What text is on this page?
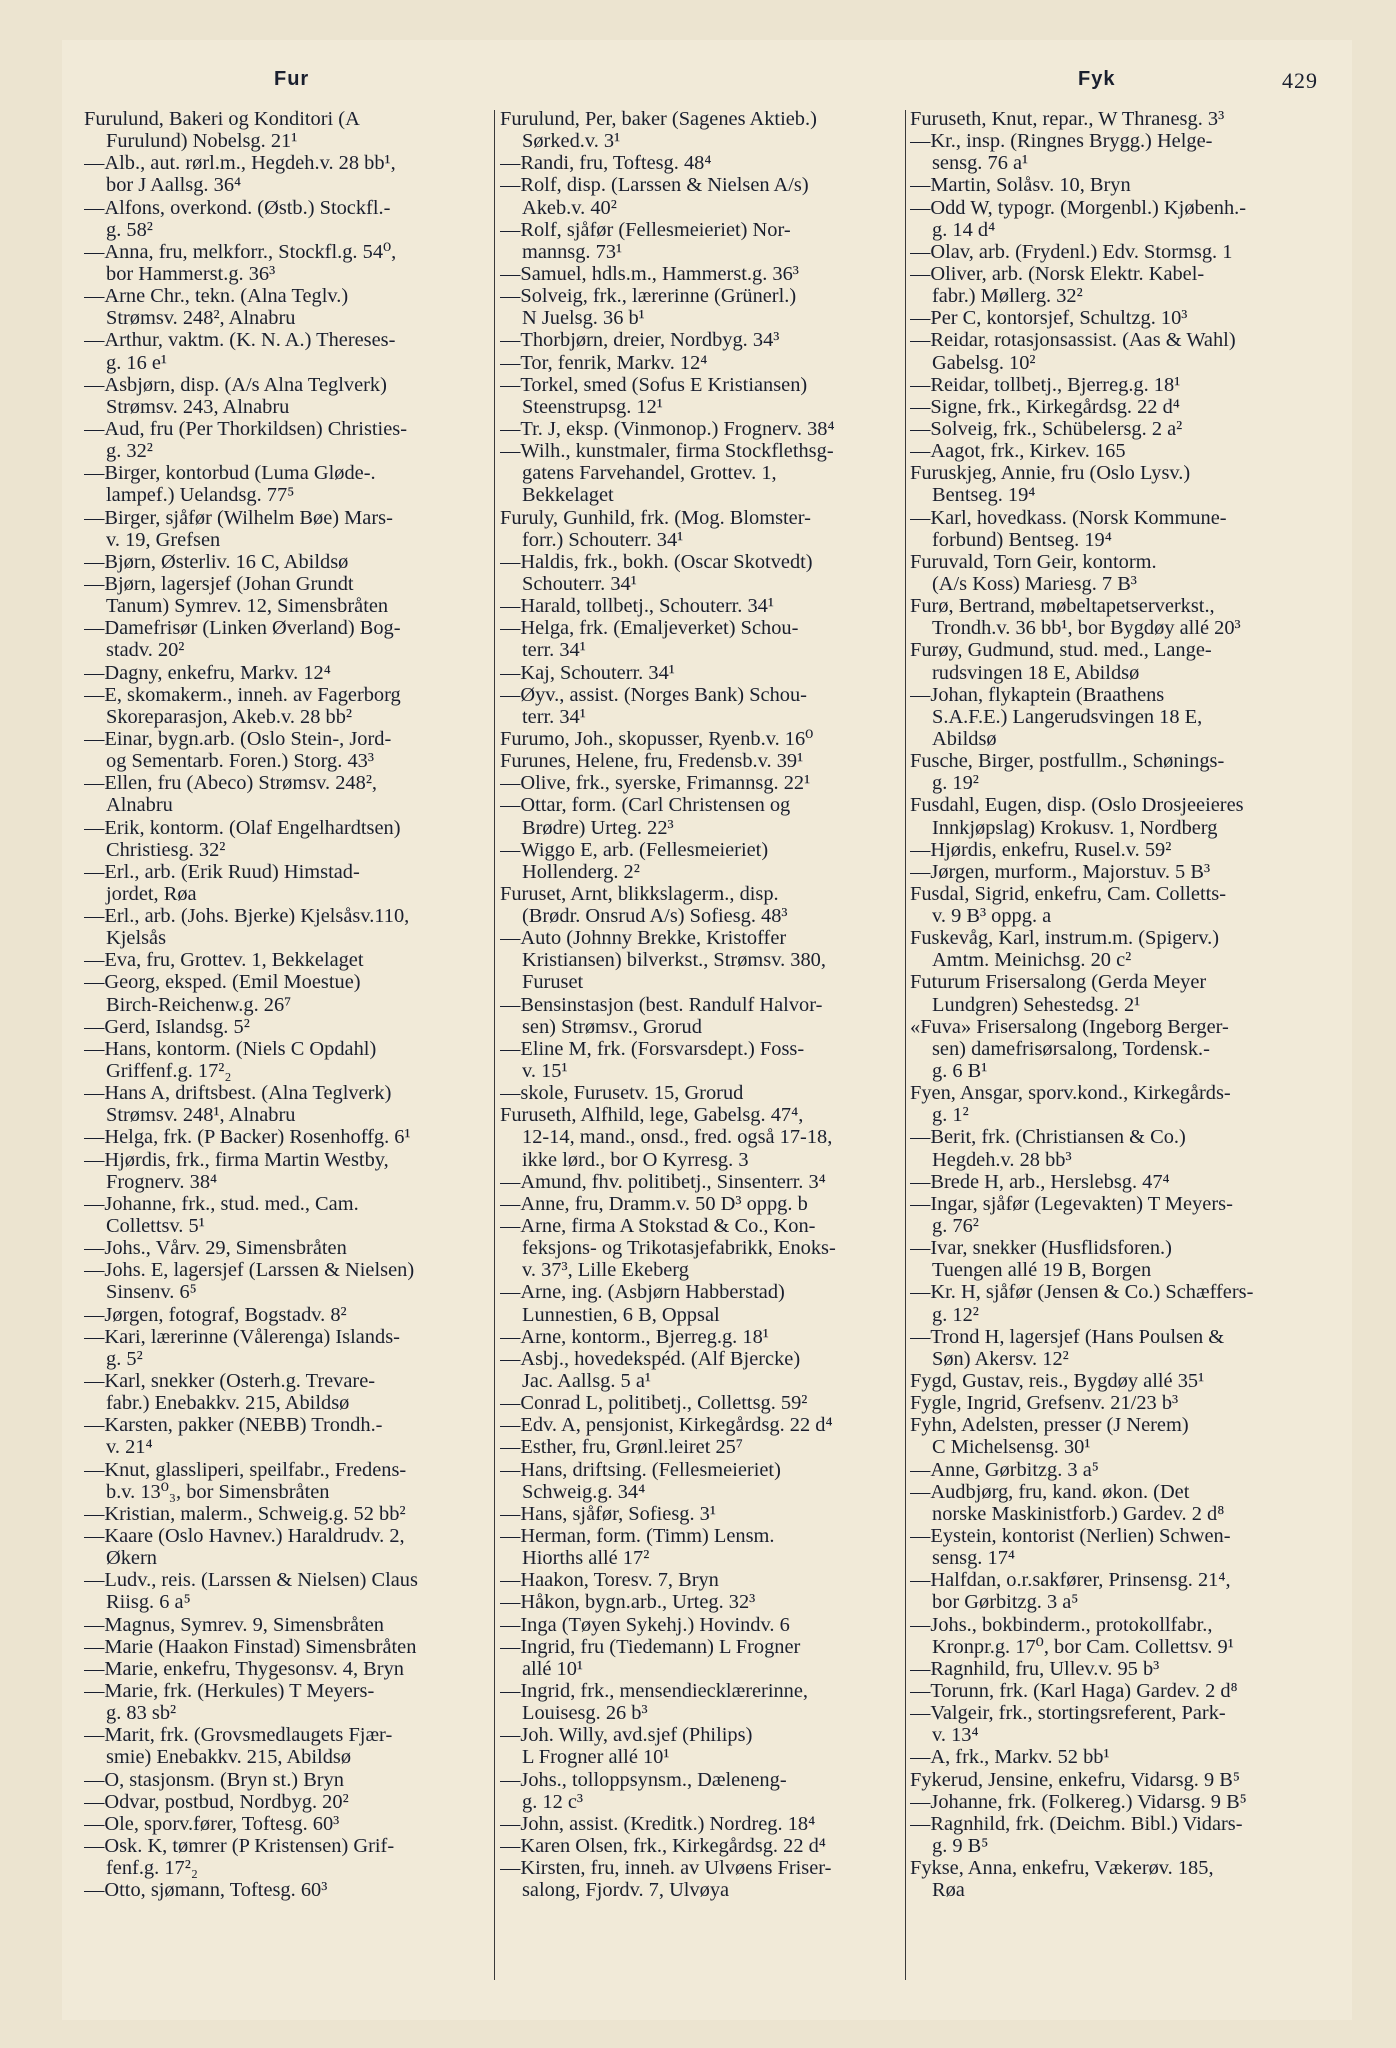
Fur	Fyk	429
Furulund, Bakeri og Konditori (A
Furulund) Nobelsg. 21¹
—Alb., aut. rørl.m., Hegdeh.v. 28 bb¹,
bor J Aallsg. 36⁴
—Alfons, overkond. (Østb.) Stockfl.-
g. 58²
—Anna, fru, melkforr., Stockfl.g. 54⁰,
bor Hammerst.g. 36³
—Arne Chr., tekn. (Alna Teglv.)
Strømsv. 248², Alnabru
—Arthur, vaktm. (K. N. A.) Thereses-
g. 16 e¹
—Asbjørn, disp. (A/s Alna Teglverk)
Strømsv. 243, Alnabru
—Aud, fru (Per Thorkildsen) Christies-
g. 32²
—Birger, kontorbud (Luma Gløde-.
lampef.) Uelandsg. 77⁵
—Birger, sjåfør (Wilhelm Bøe) Mars-
v. 19, Grefsen
—Bjørn, Østerliv. 16 C, Abildsø
—Bjørn, lagersjef (Johan Grundt
Tanum) Symrev. 12, Simensbråten
—Damefrisør (Linken Øverland) Bog-
stadv. 20²
—Dagny, enkefru, Markv. 12⁴
—E, skomakerm., inneh. av Fagerborg
Skoreparasjon, Akeb.v. 28 bb²
—Einar, bygn.arb. (Oslo Stein-, Jord-
og Sementarb. Foren.) Storg. 43³
—Ellen, fru (Abeco) Strømsv. 248²,
Alnabru
—Erik, kontorm. (Olaf Engelhardtsen)
Christiesg. 32²
—Erl., arb. (Erik Ruud) Himstad-
jordet, Røa
—Erl., arb. (Johs. Bjerke) Kjelsåsv.110,
Kjelsås
—Eva, fru, Grottev. 1, Bekkelaget
—Georg, eksped. (Emil Moestue)
Birch-Reichenw.g. 26⁷
—Gerd, Islandsg. 5²
—Hans, kontorm. (Niels C Opdahl)
Griffenf.g. 17²₂
—Hans A, driftsbest. (Alna Teglverk)
Strømsv. 248¹, Alnabru
—Helga, frk. (P Backer) Rosenhoffg. 6¹
—Hjørdis, frk., firma Martin Westby,
Frognerv. 38⁴
—Johanne, frk., stud. med., Cam.
Collettsv. 5¹
—Johs., Vårv. 29, Simensbråten
—Johs. E, lagersjef (Larssen & Nielsen)
Sinsenv. 6⁵
—Jørgen, fotograf, Bogstadv. 8²
—Kari, lærerinne (Vålerenga) Islands-
g. 5²
—Karl, snekker (Osterh.g. Trevare-
fabr.) Enebakkv. 215, Abildsø
—Karsten, pakker (NEBB) Trondh.-
v. 21⁴
—Knut, glassliperi, speilfabr., Fredens-
b.v. 13⁰₃, bor Simensbråten
—Kristian, malerm., Schweig.g. 52 bb²
—Kaare (Oslo Havnev.) Haraldrudv. 2,
Økern
—Ludv., reis. (Larssen & Nielsen) Claus
Riisg. 6 a⁵
—Magnus, Symrev. 9, Simensbråten
—Marie (Haakon Finstad) Simensbråten
—Marie, enkefru, Thygesonsv. 4, Bryn
—Marie, frk. (Herkules) T Meyers-
g. 83 sb²
—Marit, frk. (Grovsmedlaugets Fjær-
smie) Enebakkv. 215, Abildsø
—O, stasjonsm. (Bryn st.) Bryn
—Odvar, postbud, Nordbyg. 20²
—Ole, sporv.fører, Toftesg. 60³
—Osk. K, tømrer (P Kristensen) Grif-
fenf.g. 17²₂
—Otto, sjømann, Toftesg. 60³
Furulund, Per, baker (Sagenes Aktieb.)
Sørked.v. 3¹
—Randi, fru, Toftesg. 48⁴
—Rolf, disp. (Larssen & Nielsen A/s)
Akeb.v. 40²
—Rolf, sjåfør (Fellesmeieriet) Nor-
mannsg. 73¹
—Samuel, hdls.m., Hammerst.g. 36³
—Solveig, frk., lærerinne (Grünerl.)
N Juelsg. 36 b¹
—Thorbjørn, dreier, Nordbyg. 34³
—Tor, fenrik, Markv. 12⁴
—Torkel, smed (Sofus E Kristiansen)
Steenstrupsg. 12¹
—Tr. J, eksp. (Vinmonop.) Frognerv. 38⁴
—Wilh., kunstmaler, firma Stockflethsg-
gatens Farvehandel, Grottev. 1,
Bekkelaget
Furuly, Gunhild, frk. (Mog. Blomster-
forr.) Schouterr. 34¹
—Haldis, frk., bokh. (Oscar Skotvedt)
Schouterr. 34¹
—Harald, tollbetj., Schouterr. 34¹
—Helga, frk. (Emaljeverket) Schou-
terr. 34¹
—Kaj, Schouterr. 34¹
—Øyv., assist. (Norges Bank) Schou-
terr. 34¹
Furumo, Joh., skopusser, Ryenb.v. 16⁰
Furunes, Helene, fru, Fredensb.v. 39¹
—Olive, frk., syerske, Frimannsg. 22¹
—Ottar, form. (Carl Christensen og
Brødre) Urteg. 22³
—Wiggo E, arb. (Fellesmeieriet)
Hollenderg. 2²
Furuset, Arnt, blikkslagerm., disp.
(Brødr. Onsrud A/s) Sofiesg. 48³
—Auto (Johnny Brekke, Kristoffer
Kristiansen) bilverkst., Strømsv. 380,
Furuset
—Bensinstasjon (best. Randulf Halvor-
sen) Strømsv., Grorud
—Eline M, frk. (Forsvarsdept.) Foss-
v. 15¹
—skole, Furusetv. 15, Grorud
Furuseth, Alfhild, lege, Gabelsg. 47⁴,
12-14, mand., onsd., fred. også 17-18,
ikke lørd., bor O Kyrresg. 3
—Amund, fhv. politibetj., Sinsenterr. 3⁴
—Anne, fru, Dramm.v. 50 D³ oppg. b
—Arne, firma A Stokstad & Co., Kon-
feksjons- og Trikotasjefabrikk, Enoks-
v. 37³, Lille Ekeberg
—Arne, ing. (Asbjørn Habberstad)
Lunnestien, 6 B, Oppsal
—Arne, kontorm., Bjerreg.g. 18¹
—Asbj., hovedekspéd. (Alf Bjercke)
Jac. Aallsg. 5 a¹
—Conrad L, politibetj., Collettsg. 59²
—Edv. A, pensjonist, Kirkegårdsg. 22 d⁴
—Esther, fru, Grønl.leiret 25⁷
—Hans, driftsing. (Fellesmeieriet)
Schweig.g. 34⁴
—Hans, sjåfør, Sofiesg. 3¹
—Herman, form. (Timm) Lensm.
Hiorths allé 17²
—Haakon, Toresv. 7, Bryn
—Håkon, bygn.arb., Urteg. 32³
—Inga (Tøyen Sykehj.) Hovindv. 6
—Ingrid, fru (Tiedemann) L Frogner
allé 10¹
—Ingrid, frk., mensendiecklærerinne,
Louisesg. 26 b³
—Joh. Willy, avd.sjef (Philips)
L Frogner allé 10¹
—Johs., tolloppsynsm., Dæleneng-
g. 12 c³
—John, assist. (Kreditk.) Nordreg. 18⁴
—Karen Olsen, frk., Kirkegårdsg. 22 d⁴
—Kirsten, fru, inneh. av Ulvøens Friser-
salong, Fjordv. 7, Ulvøya
Furuseth, Knut, repar., W Thranesg. 3³
—Kr., insp. (Ringnes Brygg.) Helge-
sensg. 76 a¹
—Martin, Solåsv. 10, Bryn
—Odd W, typogr. (Morgenbl.) Kjøbenh.-
g. 14 d⁴
—Olav, arb. (Frydenl.) Edv. Stormsg. 1
—Oliver, arb. (Norsk Elektr. Kabel-
fabr.) Møllerg. 32²
—Per C, kontorsjef, Schultzg. 10³
—Reidar, rotasjonsassist. (Aas & Wahl)
Gabelsg. 10²
—Reidar, tollbetj., Bjerreg.g. 18¹
—Signe, frk., Kirkegårdsg. 22 d⁴
—Solveig, frk., Schübelersg. 2 a²
—Aagot, frk., Kirkev. 165
Furuskjeg, Annie, fru (Oslo Lysv.)
Bentseg. 19⁴
—Karl, hovedkass. (Norsk Kommune-
forbund) Bentseg. 19⁴
Furuvald, Torn Geir, kontorm.
(A/s Koss) Mariesg. 7 B³
Furø, Bertrand, møbeltapetserverkst.,
Trondh.v. 36 bb¹, bor Bygdøy allé 20³
Furøy, Gudmund, stud. med., Lange-
rudsvingen 18 E, Abildsø
—Johan, flykaptein (Braathens
S.A.F.E.) Langerudsvingen 18 E,
Abildsø
Fusche, Birger, postfullm., Schønings-
g. 19²
Fusdahl, Eugen, disp. (Oslo Drosjeeieres
Innkjøpslag) Krokusv. 1, Nordberg
—Hjørdis, enkefru, Rusel.v. 59²
—Jørgen, murform., Majorstuv. 5 B³
Fusdal, Sigrid, enkefru, Cam. Colletts-
v. 9 B³ oppg. a
Fuskevåg, Karl, instrum.m. (Spigerv.)
Amtm. Meinichsg. 20 c²
Futurum Frisersalong (Gerda Meyer
Lundgren) Sehestedsg. 2¹
«Fuva» Frisersalong (Ingeborg Berger-
sen) damefrisørsalong, Tordensk.-
g. 6 B¹
Fyen, Ansgar, sporv.kond., Kirkegårds-
g. 1²
—Berit, frk. (Christiansen & Co.)
Hegdeh.v. 28 bb³
—Brede H, arb., Herslebsg. 47⁴
—Ingar, sjåfør (Legevakten) T Meyers-
g. 76²
—Ivar, snekker (Husflidsforen.)
Tuengen allé 19 B, Borgen
—Kr. H, sjåfør (Jensen & Co.) Schæffers-
g. 12²
—Trond H, lagersjef (Hans Poulsen &
Søn) Akersv. 12²
Fygd, Gustav, reis., Bygdøy allé 35¹
Fygle, Ingrid, Grefsenv. 21/23 b³
Fyhn, Adelsten, presser (J Nerem)
C Michelsensg. 30¹
—Anne, Gørbitzg. 3 a⁵
—Audbjørg, fru, kand. økon. (Det
norske Maskinistforb.) Gardev. 2 d⁸
—Eystein, kontorist (Nerlien) Schwen-
sensg. 17⁴
—Halfdan, o.r.sakfører, Prinsensg. 21⁴,
bor Gørbitzg. 3 a⁵
—Johs., bokbinderm., protokollfabr.,
Kronpr.g. 17⁰, bor Cam. Collettsv. 9¹
—Ragnhild, fru, Ullev.v. 95 b³
—Torunn, frk. (Karl Haga) Gardev. 2 d⁸
—Valgeir, frk., stortingsreferent, Park-
v. 13⁴
—A, frk., Markv. 52 bb¹
Fykerud, Jensine, enkefru, Vidarsg. 9 B⁵
—Johanne, frk. (Folkereg.) Vidarsg. 9 B⁵
—Ragnhild, frk. (Deichm. Bibl.) Vidars-
g. 9 B⁵
Fykse, Anna, enkefru, Vækerøv. 185,
Røa
